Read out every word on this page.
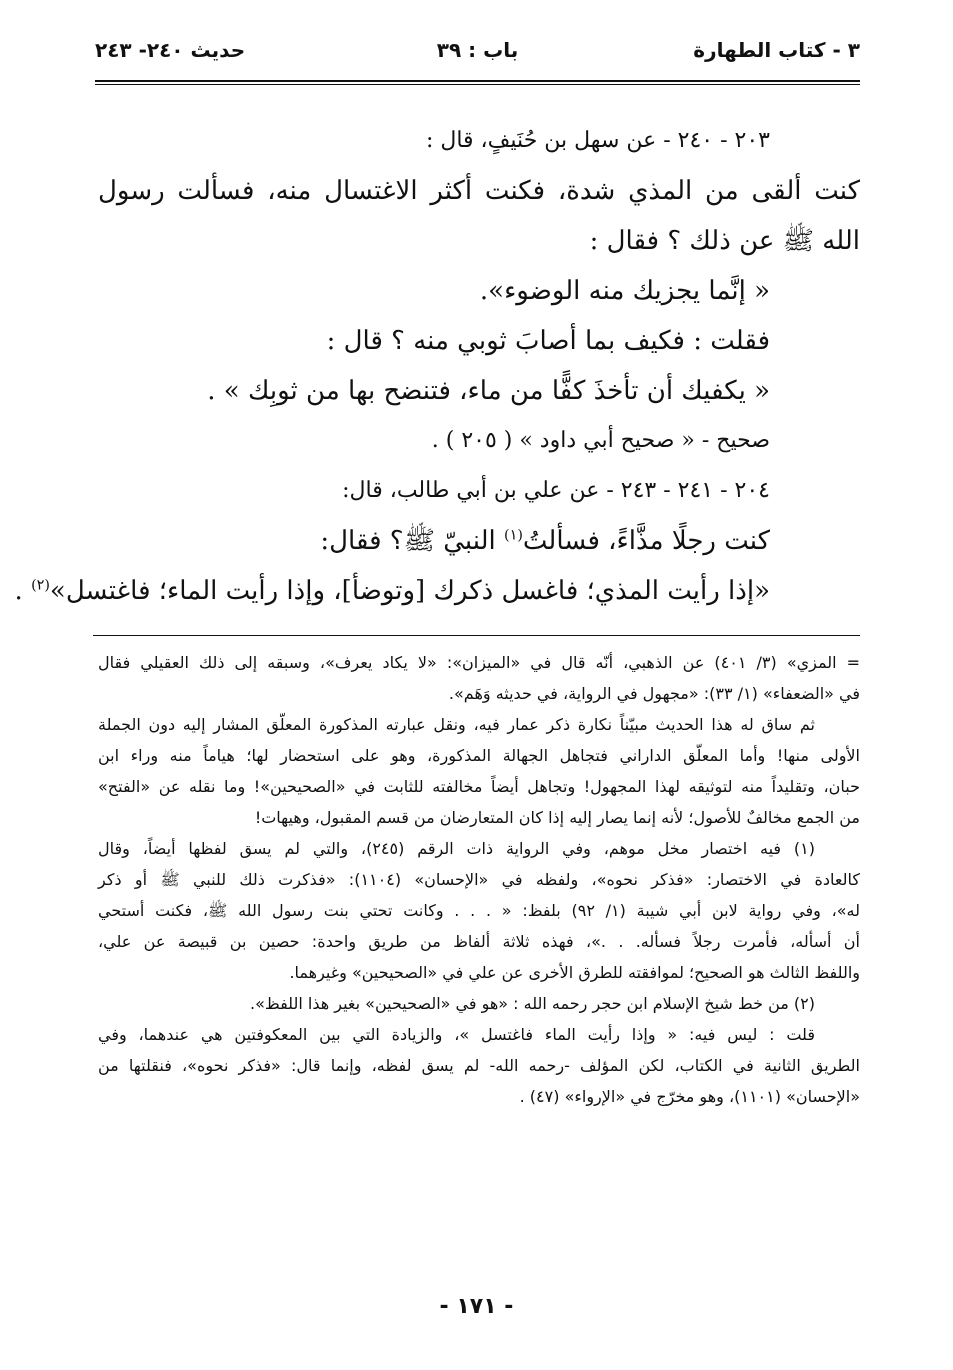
٣ - كتاب الطهارة
باب : ٣٩
حديث ٢٤٠- ٢٤٣
٢٠٣ - ٢٤٠ - عن سهل بن حُنَيفٍ، قال :
كنت ألقى من المذي شدة، فكنت أكثر الاغتسال منه، فسألت رسول
الله ﷺ عن ذلك ؟ فقال :
« إنَّما يجزيك منه الوضوء».
فقلت : فكيف بما أصابَ ثوبي منه ؟ قال :
« يكفيك أن تأخذَ كفًّا من ماء، فتنضح بها من ثوبِك » .
صحيح - « صحيح أبي داود » ( ٢٠٥ ) .
٢٠٤ - ٢٤١ - ٢٤٣ - عن علي بن أبي طالب، قال:
كنت رجلًا مذَّاءً، فسألتُ$^{(١)}$ النبيّ ﷺ؟ فقال:
«إذا رأيت المذي؛ فاغسل ذكرك [وتوضأ]، وإذا رأيت الماء؛ فاغتسل»$^{(٢)}$ .
= المزي» (٣/ ٤٠١) عن الذهبي، أنّه قال في «الميزان»: «لا يكاد يعرف»، وسبقه إلى ذلك العقيلي فقال
في «الضعفاء» (١/ ٣٣): «مجهول في الرواية، في حديثه وَهَم».
ثم ساق له هذا الحديث مبيّناً نكارة ذكر عمار فيه، ونقل عبارته المذكورة المعلّق المشار إليه دون الجملة
الأولى منها! وأما المعلّق الداراني فتجاهل الجهالة المذكورة، وهو على استحضار لها؛ هياماً منه وراء ابن
حبان، وتقليداً منه لتوثيقه لهذا المجهول! وتجاهل أيضاً مخالفته للثابت في «الصحيحين»! وما نقله عن «الفتح»
من الجمع مخالفٌ للأصول؛ لأنه إنما يصار إليه إذا كان المتعارضان من قسم المقبول، وهيهات!
(١) فيه اختصار مخل موهم، وفي الرواية ذات الرقم (٢٤٥)، والتي لم يسق لفظها أيضاً، وقال
كالعادة في الاختصار: «فذكر نحوه»، ولفظه في «الإحسان» (١١٠٤): «فذكرت ذلك للنبي ﷺ أو ذكر
له»، وفي رواية لابن أبي شيبة (١/ ٩٢) بلفظ: « . . . وكانت تحتي بنت رسول الله ﷺ، فكنت أستحي
أن أسأله، فأمرت رجلاً فسأله. . .»، فهذه ثلاثة ألفاظ من طريق واحدة: حصين بن قبيصة عن علي،
واللفظ الثالث هو الصحيح؛ لموافقته للطرق الأخرى عن علي في «الصحيحين» وغيرهما.
(٢) من خط شيخ الإسلام ابن حجر رحمه الله : «هو في «الصحيحين» بغير هذا اللفظ».
قلت : ليس فيه: « وإذا رأيت الماء فاغتسل »، والزيادة التي بين المعكوفتين هي عندهما، وفي
الطريق الثانية في الكتاب، لكن المؤلف -رحمه الله- لم يسق لفظه، وإنما قال: «فذكر نحوه»، فنقلتها من
«الإحسان» (١١٠١)، وهو مخرّج في «الإرواء» (٤٧) .
- ١٧١ -
